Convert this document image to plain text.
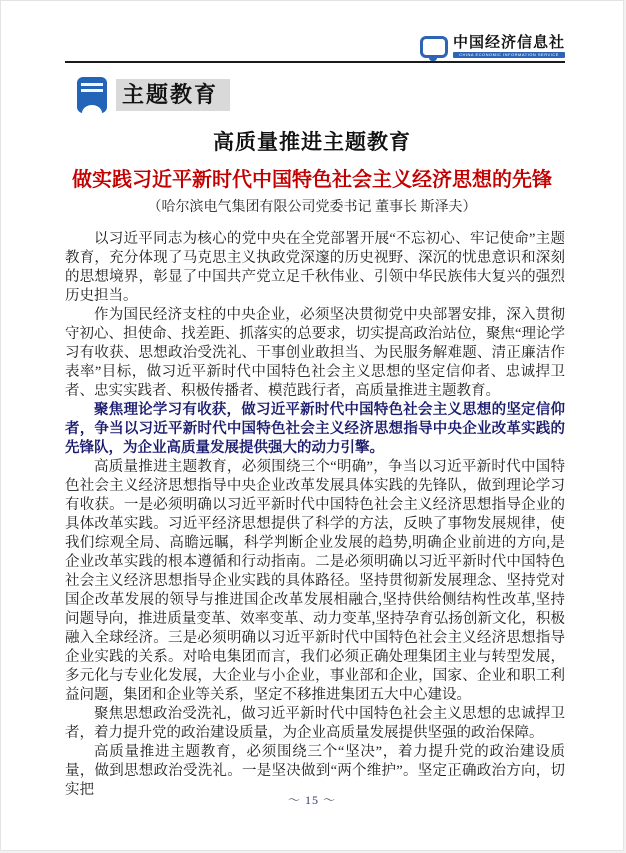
中国经济信息社
CHINA ECONOMIC INFORMATION SERVICE
主题教育
高质量推进主题教育
做实践习近平新时代中国特色社会主义经济思想的先锋
（哈尔滨电气集团有限公司党委书记 董事长 斯泽夫）

以习近平同志为核心的党中央在全党部署开展“不忘初心、牢记使命”主题教育，充分体现了马克思主义执政党深邃的历史视野、深沉的忧患意识和深刻的思想境界，彰显了中国共产党立足千秋伟业、引领中华民族伟大复兴的强烈历史担当。

作为国民经济支柱的中央企业，必须坚决贯彻党中央部署安排，深入贯彻守初心、担使命、找差距、抓落实的总要求，切实提高政治站位，聚焦“理论学习有收获、思想政治受洗礼、干事创业敢担当、为民服务解难题、清正廉洁作表率”目标，做习近平新时代中国特色社会主义思想的坚定信仰者、忠诚捍卫者、忠实实践者、积极传播者、模范践行者，高质量推进主题教育。

聚焦理论学习有收获，做习近平新时代中国特色社会主义思想的坚定信仰者，争当以习近平新时代中国特色社会主义经济思想指导中央企业改革实践的先锋队，为企业高质量发展提供强大的动力引擎。

高质量推进主题教育，必须围绕三个“明确”，争当以习近平新时代中国特色社会主义经济思想指导中央企业改革发展具体实践的先锋队，做到理论学习有收获。一是必须明确以习近平新时代中国特色社会主义经济思想指导企业的具体改革实践。习近平经济思想提供了科学的方法，反映了事物发展规律，使我们综观全局、高瞻远瞩，科学判断企业发展的趋势,明确企业前进的方向,是企业改革实践的根本遵循和行动指南。二是必须明确以习近平新时代中国特色社会主义经济思想指导企业实践的具体路径。坚持贯彻新发展理念、坚持党对国企改革发展的领导与推进国企改革发展相融合,坚持供给侧结构性改革,坚持问题导向，推进质量变革、效率变革、动力变革,坚持孕育弘扬创新文化，积极融入全球经济。三是必须明确以习近平新时代中国特色社会主义经济思想指导企业实践的关系。对哈电集团而言，我们必须正确处理集团主业与转型发展，多元化与专业化发展，大企业与小企业，事业部和企业，国家、企业和职工利益问题，集团和企业等关系，坚定不移推进集团五大中心建设。

聚焦思想政治受洗礼，做习近平新时代中国特色社会主义思想的忠诚捍卫者，着力提升党的政治建设质量，为企业高质量发展提供坚强的政治保障。

高质量推进主题教育，必须围绕三个“坚决”，着力提升党的政治建设质量，做到思想政治受洗礼。一是坚决做到“两个维护”。坚定正确政治方向，切实把

～ 15 ～
